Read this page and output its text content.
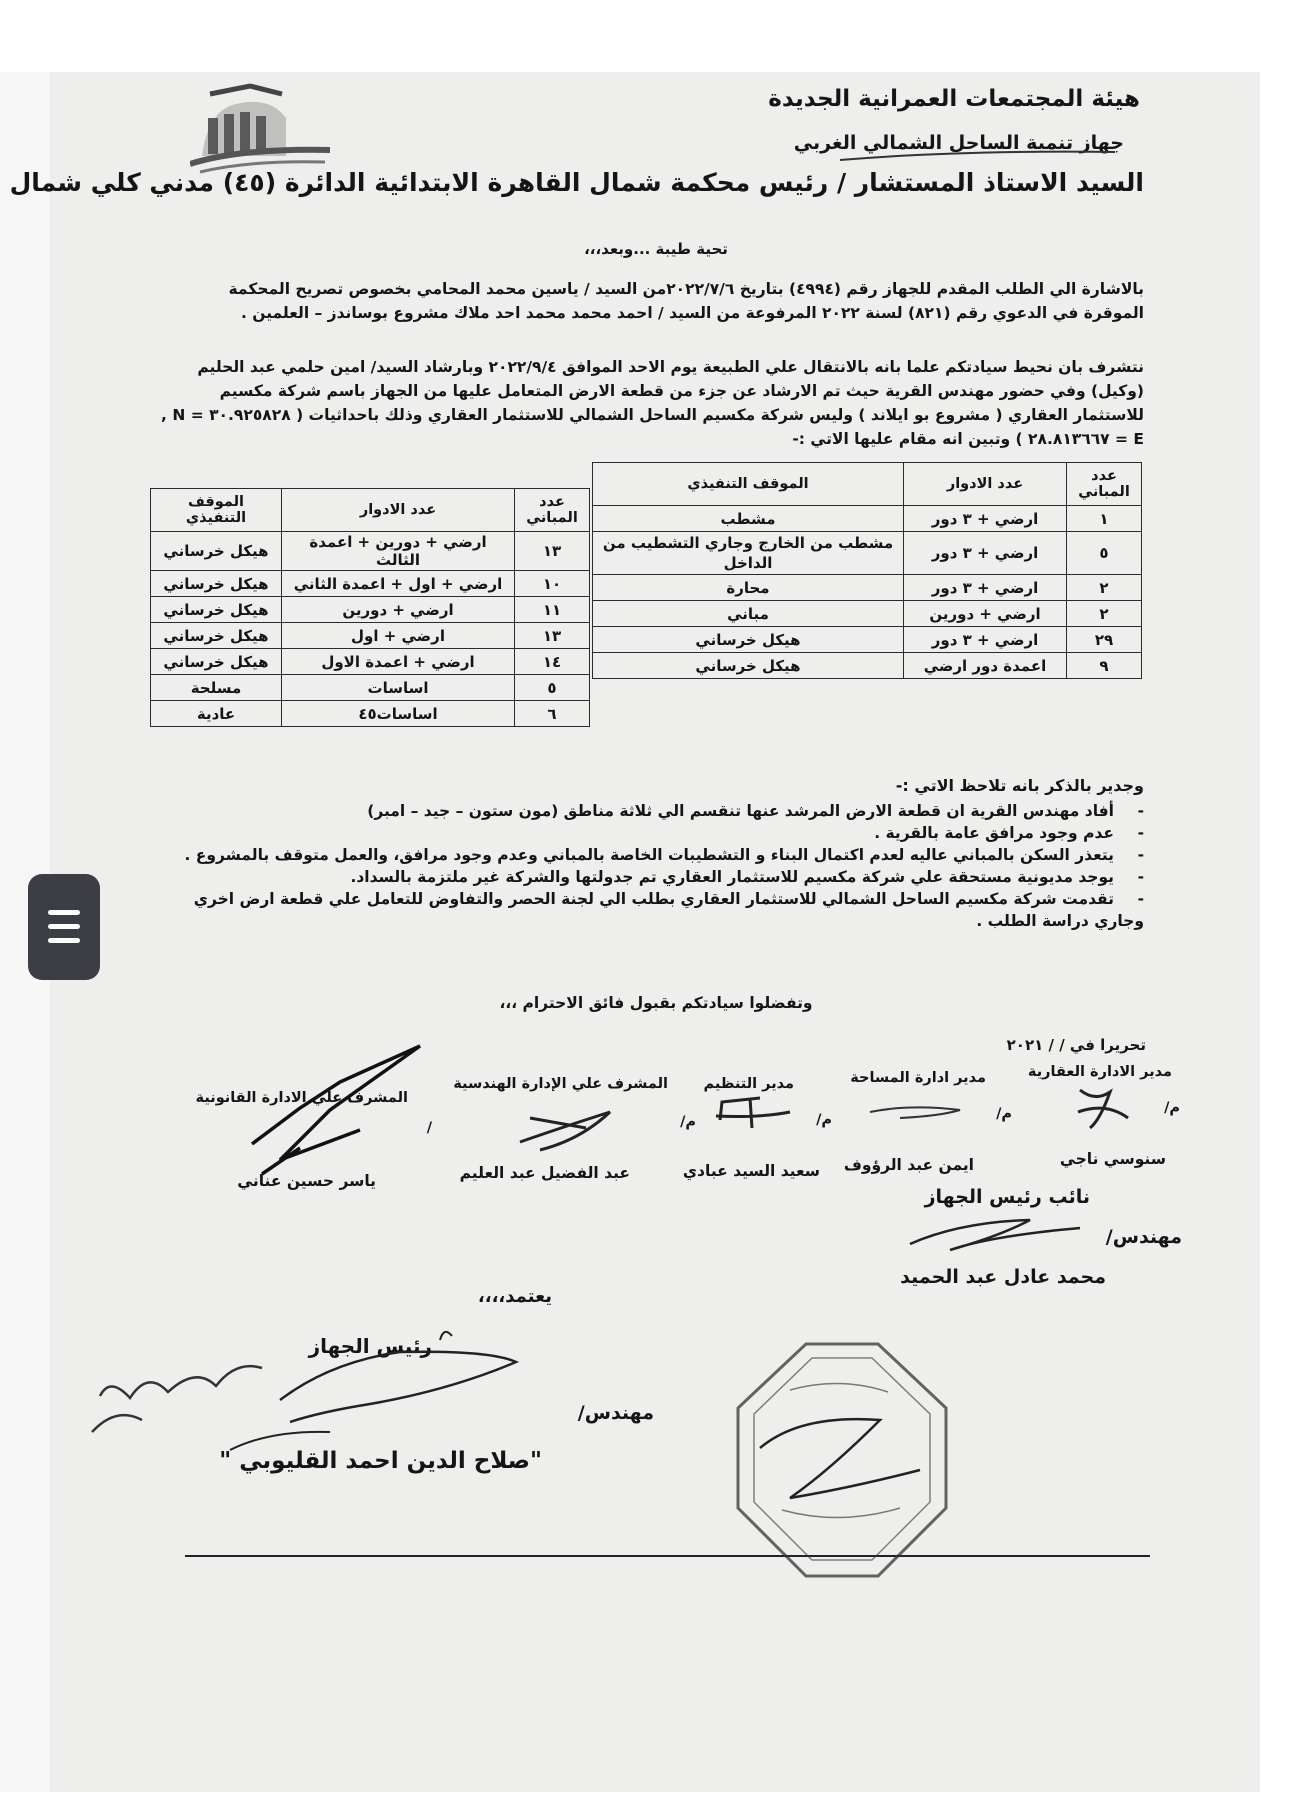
هيئة المجتمعات العمرانية الجديدة
جهاز تنمية الساحل الشمالي الغربي
السيد الاستاذ المستشار / رئيس محكمة شمال القاهرة الابتدائية الدائرة (٤٥) مدني كلي شمال
تحية طيبة ...وبعد،،،
بالاشارة الي الطلب المقدم للجهاز رقم (٤٩٩٤) بتاريخ ٢٠٢٢/٧/٦من السيد / ياسين محمد المحامي بخصوص تصريح المحكمة
الموقرة في الدعوي رقم (٨٢١) لسنة ٢٠٢٢ المرفوعة من السيد / احمد محمد محمد احد ملاك مشروع بوساندز – العلمين .
نتشرف بان نحيط سيادتكم علما بانه بالانتقال علي الطبيعة يوم الاحد الموافق ٢٠٢٢/٩/٤ وبارشاد السيد/ امين حلمي عبد الحليم
(وكيل) وفي حضور مهندس القرية حيث تم الارشاد عن جزء من قطعة الارض المتعامل عليها من الجهاز باسم شركة مكسيم
للاستثمار العقاري ( مشروع بو ايلاند ) وليس شركة مكسيم الساحل الشمالي للاستثمار العقاري وذلك باحداثيات ( ٣٠.٩٢٥٨٢٨ = N ,
E = ٢٨.٨١٣٦٦٧ ) وتبين انه مقام عليها الاتي :-
عدد المباني	عدد الادوار	الموقف التنفيذي
١	ارضي + ٣ دور	مشطب
٥	ارضي + ٣ دور	مشطب من الخارج وجاري التشطيب من الداخل
٢	ارضي + ٣ دور	محارة
٢	ارضي + دورين	مباني
٢٩	ارضي + ٣ دور	هيكل خرساني
٩	اعمدة دور ارضي	هيكل خرساني
عدد المباني	عدد الادوار	الموقف التنفيذي
١٣	ارضي + دورين + اعمدة الثالث	هيكل خرساني
١٠	ارضي + اول + اعمدة الثاني	هيكل خرساني
١١	ارضي + دورين	هيكل خرساني
١٣	ارضي + اول	هيكل خرساني
١٤	ارضي + اعمدة الاول	هيكل خرساني
٥	اساسات	مسلحة
٦	اساسات٤٥	عادية
وجدير بالذكر بانه تلاحظ الاتي :-
-
أفاد مهندس القرية ان قطعة الارض المرشد عنها تنقسم الي ثلاثة مناطق (مون ستون – جيد – امبر)
-
عدم وجود مرافق عامة بالقرية .
-
يتعذر السكن بالمباني عاليه لعدم اكتمال البناء و التشطيبات الخاصة بالمباني وعدم وجود مرافق، والعمل متوقف بالمشروع .
-
يوجد مديونية مستحقة علي شركة مكسيم للاستثمار العقاري تم جدولتها والشركة غير ملتزمة بالسداد.
-
تقدمت شركة مكسيم الساحل الشمالي للاستثمار العقاري بطلب الي لجنة الحصر والتفاوض للتعامل علي قطعة ارض اخري
وجاري دراسة الطلب .
وتفضلوا سيادتكم بقبول فائق الاحترام ،،،
تحريرا في / / ٢٠٢١
مدير الادارة العقارية
مدير ادارة المساحة
مدير التنظيم
المشرف علي الإدارة الهندسية
المشرف علي الادارة القانونية
م/
م/
م/
م/
/
سنوسي ناجي
ايمن عبد الرؤوف
سعيد السيد عبادي
عبد الفضيل عبد العليم
ياسر حسين عناني
نائب رئيس الجهاز
مهندس/
محمد عادل عبد الحميد
يعتمد،،،،
رئيس الجهاز
مهندس/
"صلاح الدين احمد القليوبي "
